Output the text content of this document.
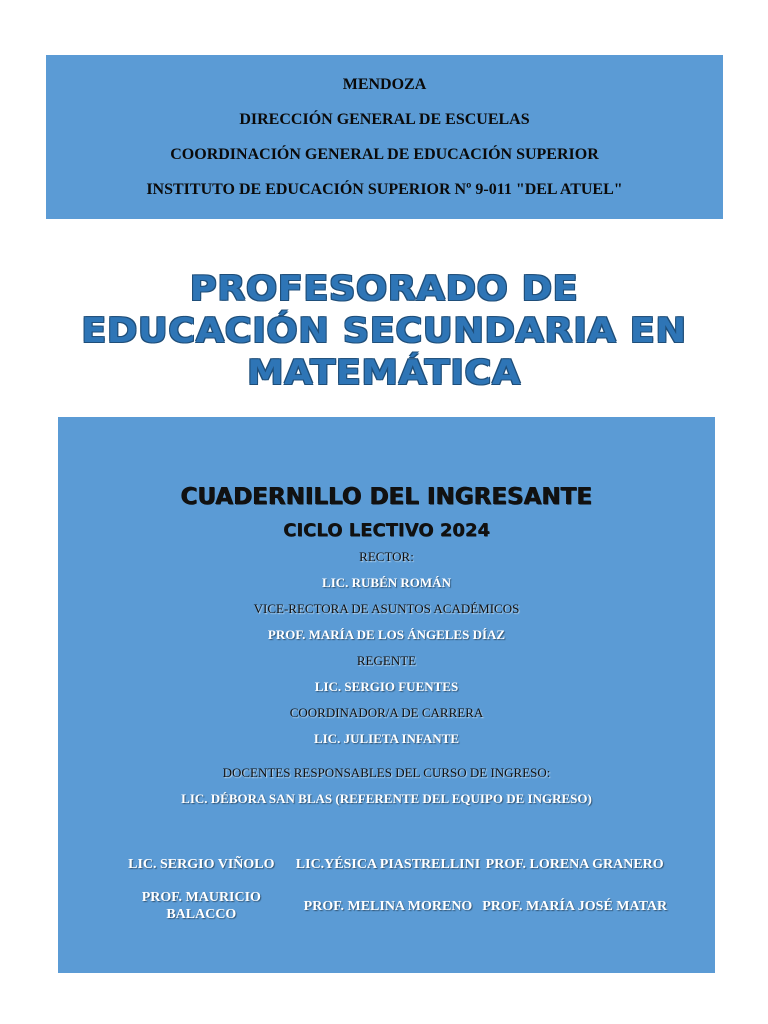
MENDOZA
DIRECCIÓN GENERAL DE ESCUELAS
COORDINACIÓN GENERAL DE EDUCACIÓN SUPERIOR
INSTITUTO DE EDUCACIÓN SUPERIOR Nº 9-011 "DEL ATUEL"
PROFESORADO DE
EDUCACIÓN SECUNDARIA EN
MATEMÁTICA
CUADERNILLO DEL INGRESANTE
CICLO LECTIVO 2024
RECTOR:
LIC. RUBÉN ROMÁN
VICE-RECTORA DE ASUNTOS ACADÉMICOS
PROF. MARÍA DE LOS ÁNGELES DÍAZ
REGENTE
LIC. SERGIO FUENTES
COORDINADOR/A DE CARRERA
LIC. JULIETA INFANTE
DOCENTES RESPONSABLES DEL CURSO DE INGRESO:
LIC. DÉBORA SAN BLAS (REFERENTE DEL EQUIPO DE INGRESO)
LIC. SERGIO VIÑOLO	LIC.YÉSICA PIASTRELLINI PROF. LORENA GRANERO
PROF. MAURICIO BALACCO
PROF. MELINA MORENO PROF. MARÍA JOSÉ MATAR
